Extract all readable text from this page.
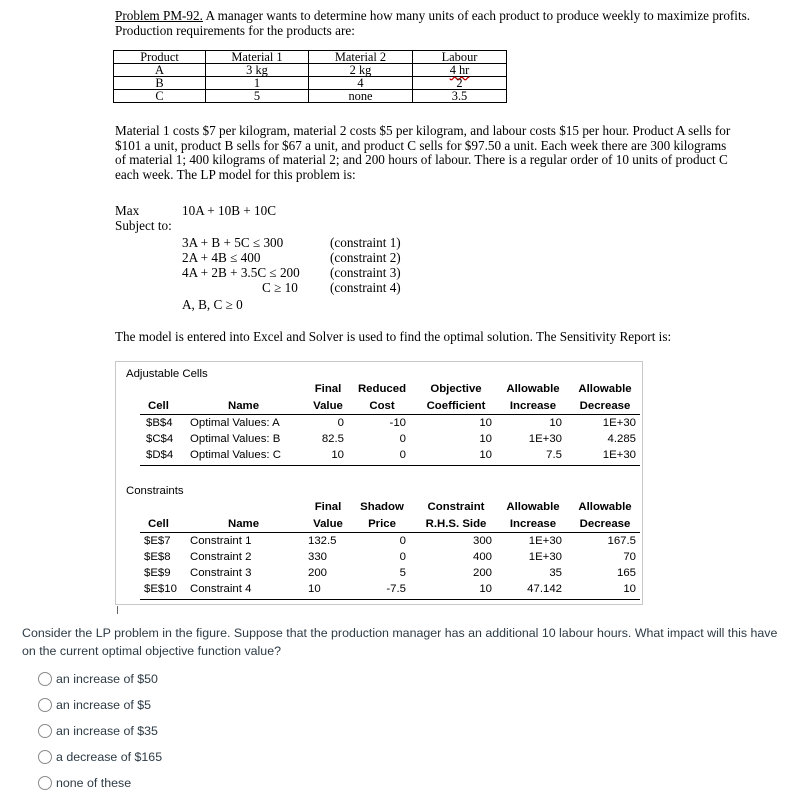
Problem PM-92. A manager wants to determine how many units of each product to produce weekly to maximize profits. Production requirements for the products are:
Product	Material 1	Material 2	Labour
A	3 kg	2 kg	4 hr
B	1	4	2
C	5	none	3.5
Material 1 costs $7 per kilogram, material 2 costs $5 per kilogram, and labour costs $15 per hour. Product A sells for $101 a unit, product B sells for $67 a unit, and product C sells for $97.50 a unit. Each week there are 300 kilograms of material 1; 400 kilograms of material 2; and 200 hours of labour. There is a regular order of 10 units of product C each week. The LP model for this problem is:
Max	10A + 10B + 10C
Subject to:
3A + B + 5C ≤ 300	(constraint 1)
2A + 4B ≤ 400	(constraint 2)
4A + 2B + 3.5C ≤ 200 (constraint 3)
C ≥ 10 (constraint 4)
A, B, C ≥ 0
The model is entered into Excel and Solver is used to find the optimal solution. The Sensitivity Report is:
Adjustable Cells
Final	Reduced	Objective	Allowable	Allowable
Cell	Name	Value	Cost	Coefficient	Increase	Decrease
$B$4 Optimal Values: A	0	-10	10	10	1E+30
$C$4 Optimal Values: B	82.5	0	10	1E+30	4.285
$D$4 Optimal Values: C	10	0	10	7.5	1E+30
Constraints
Final	Shadow	Constraint	Allowable	Allowable
Cell	Name	Value	Price	R.H.S. Side	Increase	Decrease
$E$7 Constraint 1	132.5	0	300	1E+30	167.5
$E$8 Constraint 2	330	0	400	1E+30	70
$E$9 Constraint 3	200	5	200	35	165
$E$10 Constraint 4	10	-7.5	10	47.142	10
Consider the LP problem in the figure. Suppose that the production manager has an additional 10 labour hours. What impact will this have on the current optimal objective function value?
an increase of $50
an increase of $5
an increase of $35
a decrease of $165
none of these
